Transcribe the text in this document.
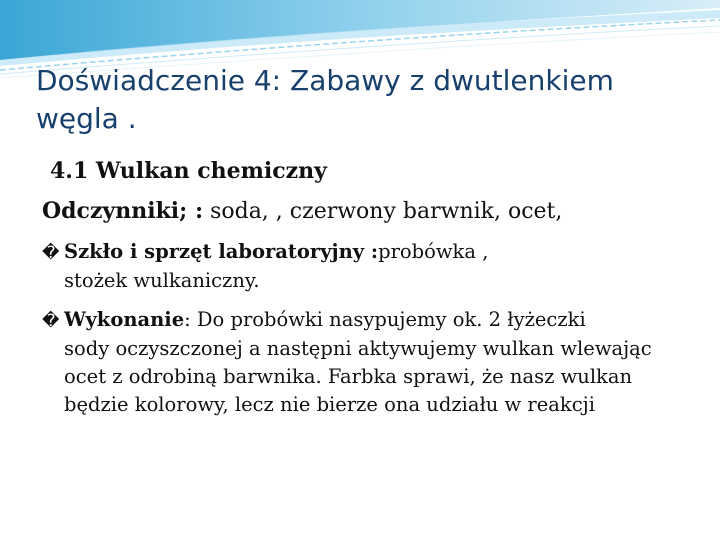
Doświadczenie 4: Zabawy z dwutlenkiem węgla .
4.1 Wulkan chemiczny
Odczynniki; : soda, , czerwony barwnik, ocet,
� Szkło i sprzęt laboratoryjny :probówka ,
stożek wulkaniczny.
� Wykonanie: Do probówki nasypujemy ok. 2 łyżeczki
sody oczyszczonej a następni aktywujemy wulkan wlewając ocet z odrobiną barwnika. Farbka sprawi, że nasz wulkan będzie kolorowy, lecz nie bierze ona udziału w reakcji
